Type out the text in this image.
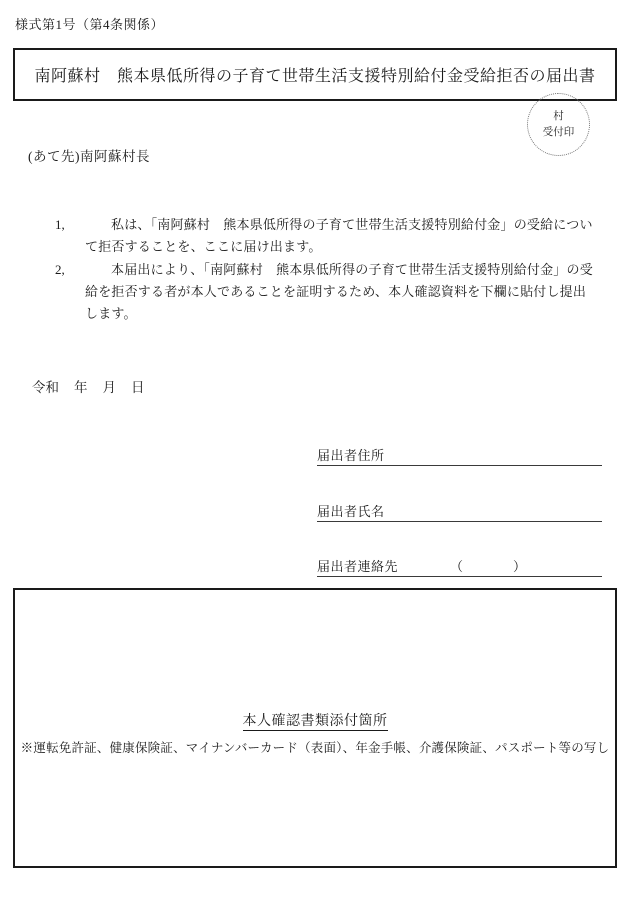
様式第1号（第4条関係）
南阿蘇村　熊本県低所得の子育て世帯生活支援特別給付金受給拒否の届出書
村
受付印
(あて先)南阿蘇村長
1,	私は、「南阿蘇村　熊本県低所得の子育て世帯生活支援特別給付金」の受給について拒否することを、ここに届け出ます。
2,	本届出により、「南阿蘇村　熊本県低所得の子育て世帯生活支援特別給付金」の受給を拒否する者が本人であることを証明するため、本人確認資料を下欄に貼付し提出します。
令和 年 月 日
届出者住所
届出者氏名
届出者連絡先	（	）
本人確認書類添付箇所
※運転免許証、健康保険証、マイナンバーカード（表面）、年金手帳、介護保険証、パスポート等の写し
